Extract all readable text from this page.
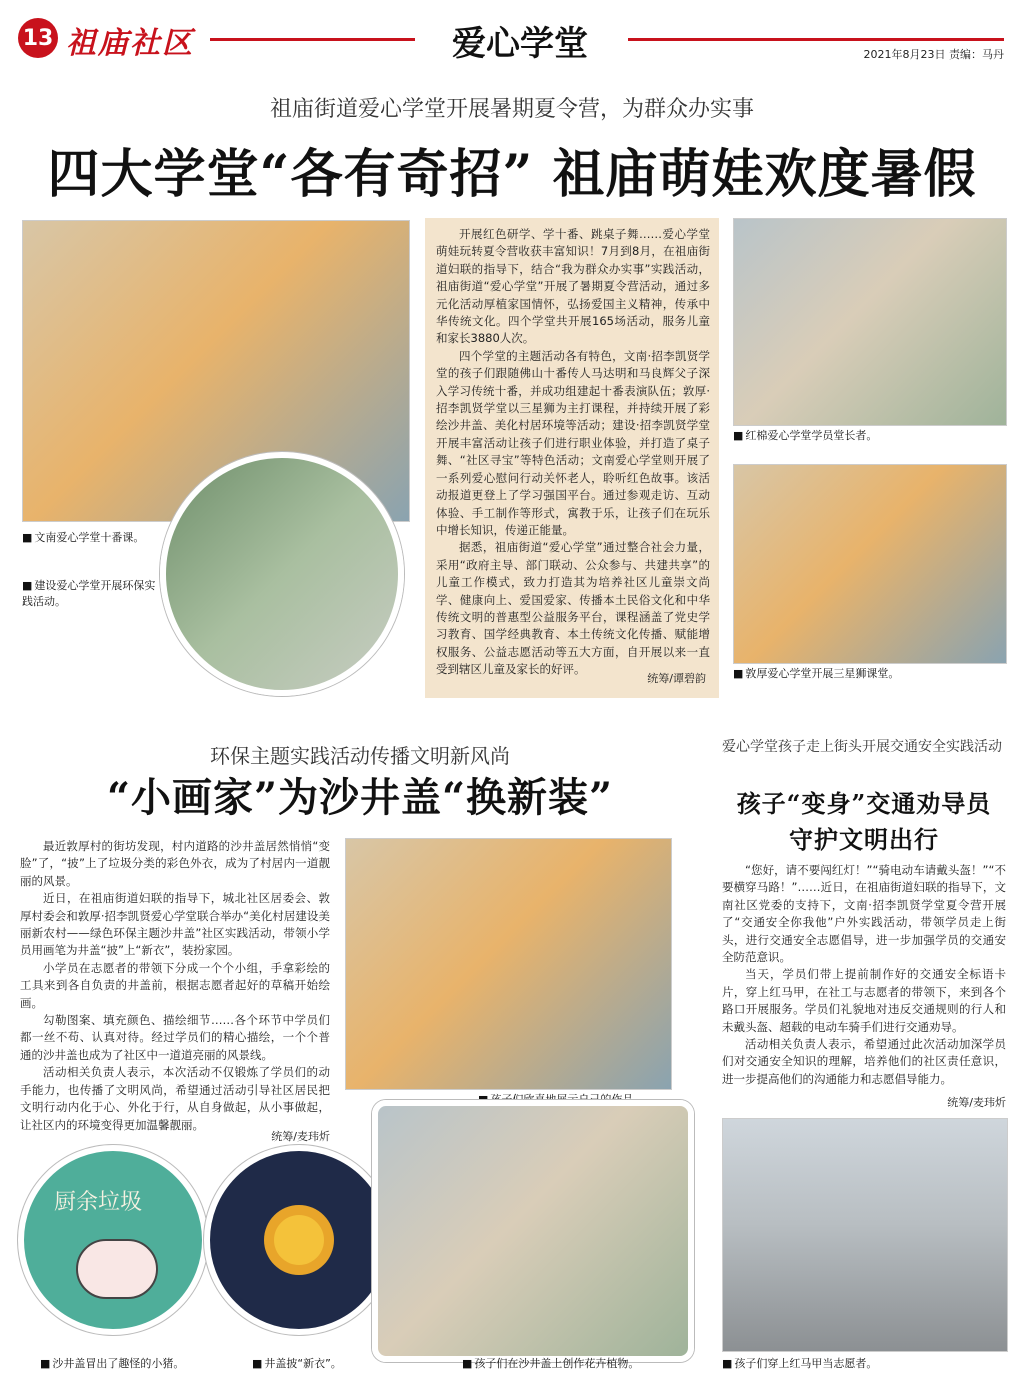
13 祖庙社区	爱心学堂	2021年8月23日 责编：马丹
祖庙街道爱心学堂开展暑期夏令营，为群众办实事
四大学堂“各有奇招” 祖庙萌娃欢度暑假
■ 文南爱心学堂十番课。
■ 建设爱心学堂开展环保实践活动。

开展红色研学、学十番、跳桌子舞……爱心学堂萌娃玩转夏令营收获丰富知识！7月到8月，在祖庙街道妇联的指导下，结合“我为群众办实事”实践活动，祖庙街道“爱心学堂”开展了暑期夏令营活动，通过多元化活动厚植家国情怀，弘扬爱国主义精神，传承中华传统文化。四个学堂共开展165场活动，服务儿童和家长3880人次。

四个学堂的主题活动各有特色，文南·招李凯贤学堂的孩子们跟随佛山十番传人马达明和马良辉父子深入学习传统十番，并成功组建起十番表演队伍；敦厚·招李凯贤学堂以三星狮为主打课程，并持续开展了彩绘沙井盖、美化村居环境等活动；建设·招李凯贤学堂开展丰富活动让孩子们进行职业体验，并打造了桌子舞、“社区寻宝”等特色活动；文南爱心学堂则开展了一系列爱心慰问行动关怀老人，聆听红色故事。该活动报道更登上了学习强国平台。通过参观走访、互动体验、手工制作等形式，寓教于乐，让孩子们在玩乐中增长知识，传递正能量。

据悉，祖庙街道“爱心学堂”通过整合社会力量，采用“政府主导、部门联动、公众参与、共建共享”的儿童工作模式，致力打造其为培养社区儿童崇文尚学、健康向上、爱国爱家、传播本土民俗文化和中华传统文明的普惠型公益服务平台，课程涵盖了党史学习教育、国学经典教育、本土传统文化传播、赋能增权服务、公益志愿活动等五大方面，自开展以来一直受到辖区儿童及家长的好评。

统筹/谭碧韵
■ 红棉爱心学堂学员堂长者。
■ 敦厚爱心学堂开展三星狮课堂。
环保主题实践活动传播文明新风尚
“小画家”为沙井盖“换新装”

最近敦厚村的街坊发现，村内道路的沙井盖居然悄悄“变脸”了，“披”上了垃圾分类的彩色外衣，成为了村居内一道靓丽的风景。

近日，在祖庙街道妇联的指导下，城北社区居委会、敦厚村委会和敦厚·招李凯贤爱心学堂联合举办“美化村居建设美丽新农村——绿色环保主题沙井盖”社区实践活动，带领小学员用画笔为井盖“披”上“新衣”，装扮家园。

小学员在志愿者的带领下分成一个个小组，手拿彩绘的工具来到各自负责的井盖前，根据志愿者起好的草稿开始绘画。

勾勒图案、填充颜色、描绘细节……各个环节中学员们都一丝不苟、认真对待。经过学员们的精心描绘，一个个普通的沙井盖也成为了社区中一道道亮丽的风景线。

活动相关负责人表示，本次活动不仅锻炼了学员们的动手能力，也传播了文明风尚，希望通过活动引导社区居民把文明行动内化于心、外化于行，从自身做起，从小事做起，让社区内的环境变得更加温馨靓丽。

统筹/麦玮炘
■
厨余垃圾
■ 沙井盖冒出了趣怪的小猪。	■ 井盖披“新衣”。	■ 孩子们在沙井盖上创作花卉植物。
爱心学堂孩子走上街头开展交通安全实践活动
孩子“变身”交通劝导员
守护文明出行

“您好，请不要闯红灯！”“骑电动车请戴头盔！”“不要横穿马路！”……近日，在祖庙街道妇联的指导下，文南社区党委的支持下，文南·招李凯贤学堂夏令营开展了“交通安全你我他”户外实践活动，带领学员走上街头，进行交通安全志愿倡导，进一步加强学员的交通安全防范意识。

当天，学员们带上提前制作好的交通安全标语卡片，穿上红马甲，在社工与志愿者的带领下，来到各个路口开展服务。学员们礼貌地对违反交通规则的行人和未戴头盔、超载的电动车骑手们进行交通劝导。

活动相关负责人表示，希望通过此次活动加深学员们对交通安全知识的理解，培养他们的社区责任意识，进一步提高他们的沟通能力和志愿倡导能力。

统筹/麦玮炘
■ 孩子们穿上红马甲当志愿者。
